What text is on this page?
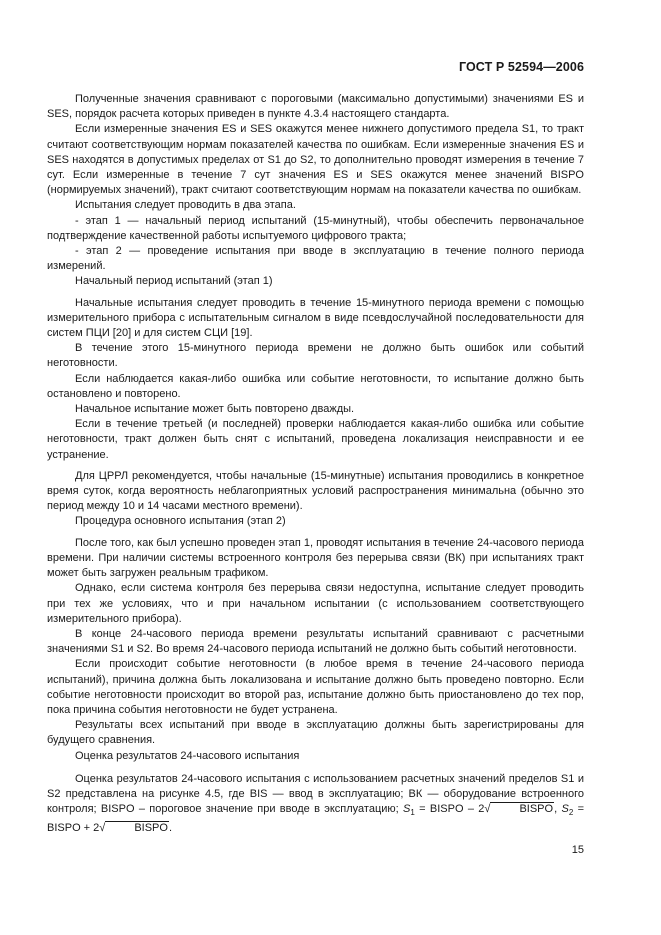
ГОСТ Р 52594—2006

Полученные значения сравнивают с пороговыми (максимально допустимыми) значениями ES и SES, порядок расчета которых приведен в пункте 4.3.4 настоящего стандарта.

Если измеренные значения ES и SES окажутся менее нижнего допустимого предела S1, то тракт считают соответствующим нормам показателей качества по ошибкам. Если измеренные значения ES и SES находятся в допустимых пределах от S1 до S2, то дополнительно проводят измерения в течение 7 сут. Если измеренные в течение 7 сут значения ES и SES окажутся менее значений BISPO (нормируемых значений), тракт считают соответствующим нормам на показатели качества по ошибкам.

Испытания следует проводить в два этапа.

- этап 1 — начальный период испытаний (15-минутный), чтобы обеспечить первоначальное подтверждение качественной работы испытуемого цифрового тракта;

- этап 2 — проведение испытания при вводе в эксплуатацию в течение полного периода измерений.

Начальный период испытаний (этап 1)

Начальные испытания следует проводить в течение 15-минутного периода времени с помощью измерительного прибора с испытательным сигналом в виде псевдослучайной последовательности для систем ПЦИ [20] и для систем СЦИ [19].

В течение этого 15-минутного периода времени не должно быть ошибок или событий неготовности.

Если наблюдается какая-либо ошибка или событие неготовности, то испытание должно быть остановлено и повторено.

Начальное испытание может быть повторено дважды.

Если в течение третьей (и последней) проверки наблюдается какая-либо ошибка или событие неготовности, тракт должен быть снят с испытаний, проведена локализация неисправности и ее устранение.

Для ЦРРЛ рекомендуется, чтобы начальные (15-минутные) испытания проводились в конкретное время суток, когда вероятность неблагоприятных условий распространения минимальна (обычно это период между 10 и 14 часами местного времени).

Процедура основного испытания (этап 2)

После того, как был успешно проведен этап 1, проводят испытания в течение 24-часового периода времени. При наличии системы встроенного контроля без перерыва связи (ВК) при испытаниях тракт может быть загружен реальным трафиком.

Однако, если система контроля без перерыва связи недоступна, испытание следует проводить при тех же условиях, что и при начальном испытании (с использованием соответствующего измерительного прибора).

В конце 24-часового периода времени результаты испытаний сравнивают с расчетными значениями S1 и S2. Во время 24-часового периода испытаний не должно быть событий неготовности.

Если происходит событие неготовности (в любое время в течение 24-часового периода испытаний), причина должна быть локализована и испытание должно быть проведено повторно. Если событие неготовности происходит во второй раз, испытание должно быть приостановлено до тех пор, пока причина события неготовности не будет устранена.

Результаты всех испытаний при вводе в эксплуатацию должны быть зарегистрированы для будущего сравнения.

Оценка результатов 24-часового испытания

Оценка результатов 24-часового испытания с использованием расчетных значений пределов S1 и S2 представлена на рисунке 4.5, где BIS — ввод в эксплуатацию; ВК — оборудование встроенного контроля; BISPO – пороговое значение при вводе в эксплуатацию; $S_1$ = BISPO – 2√	BISPO, $S_2$ = BISPO + 2√	BISPO.

15
